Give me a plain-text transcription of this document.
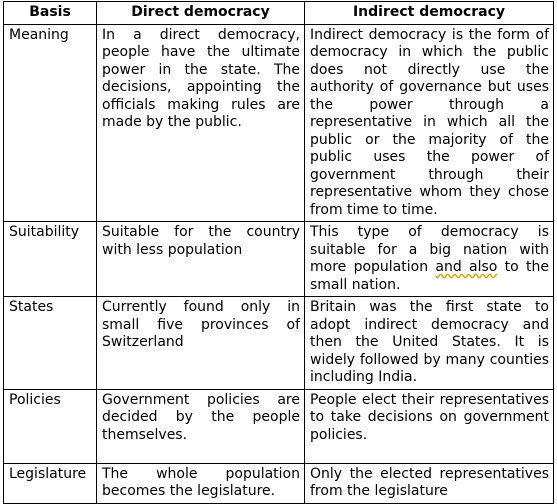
Basis	Direct democracy	Indirect democracy
Meaning	In a direct democracy, people have the ultimate power in the state. The decisions, appointing the officials making rules are made by the public.	Indirect democracy is the form of democracy in which the public does not directly use the authority of governance but uses the power through a representative in which all the public or the majority of the public uses the power of government through their representative whom they chose from time to time.
Suitability	Suitable for the country with less population	This type of democracy is suitable for a big nation with more population and also to the small nation.
States	Currently found only in small five provinces of Switzerland	Britain was the first state to adopt indirect democracy and then the United States. It is widely followed by many counties including India.
Policies	Government policies are decided by the people themselves.	People elect their representatives to take decisions on government policies.
Legislature	The whole population becomes the legislature.	Only the elected representatives from the legislature
